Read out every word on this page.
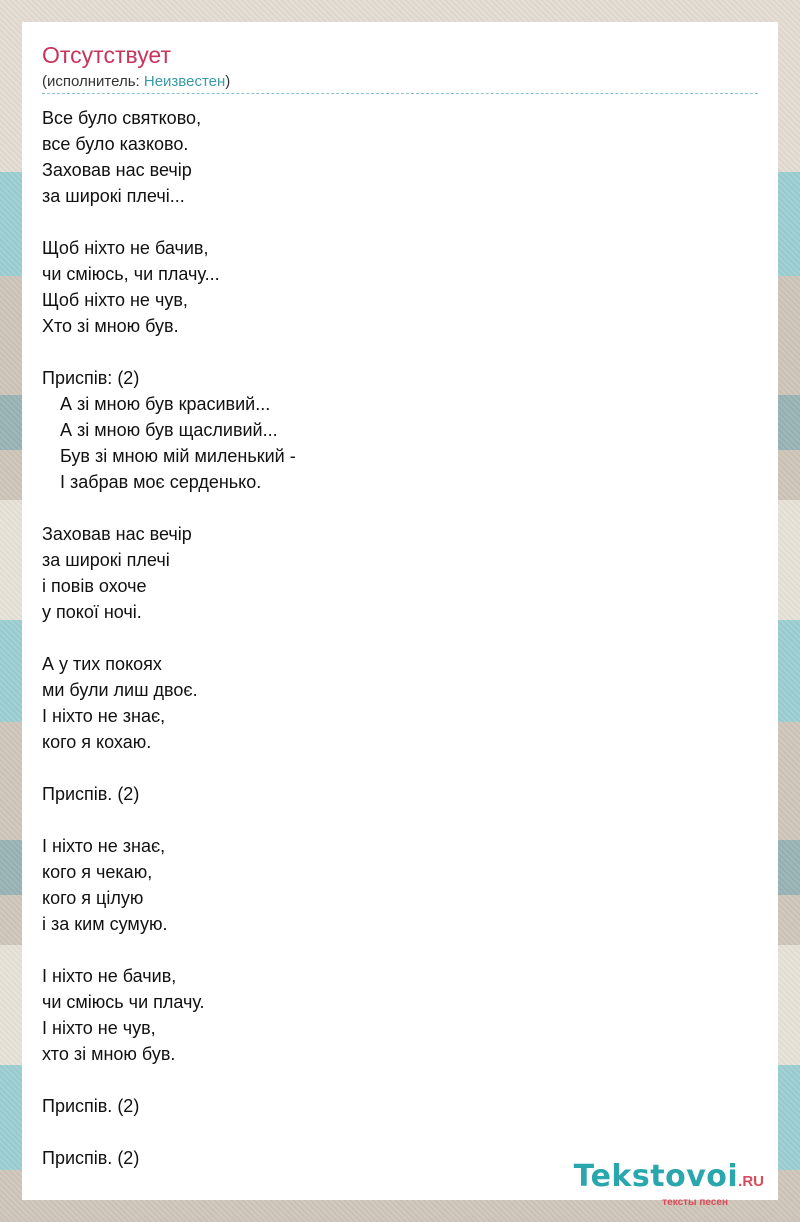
Отсутствует
(исполнитель: Неизвестен)
Все було святково,
все було казково.
Заховав нас вечір
за широкі плечі...
Щоб ніхто не бачив,
чи сміюсь, чи плачу...
Щоб ніхто не чув,
Хто зі мною був.
Приспів: (2)
А зі мною був красивий...
А зі мною був щасливий...
Був зі мною мій миленький -
І забрав моє серденько.
Заховав нас вечір
за широкі плечі
і повів охоче
у покої ночі.
А у тих покоях
ми були лиш двоє.
І ніхто не знає,
кого я кохаю.
Приспів. (2)
І ніхто не знає,
кого я чекаю,
кого я цілую
і за ким сумую.
І ніхто не бачив,
чи сміюсь чи плачу.
І ніхто не чув,
хто зі мною був.
Приспів. (2)
Приспів. (2)
Tekstovoi.RU
тексты песен
